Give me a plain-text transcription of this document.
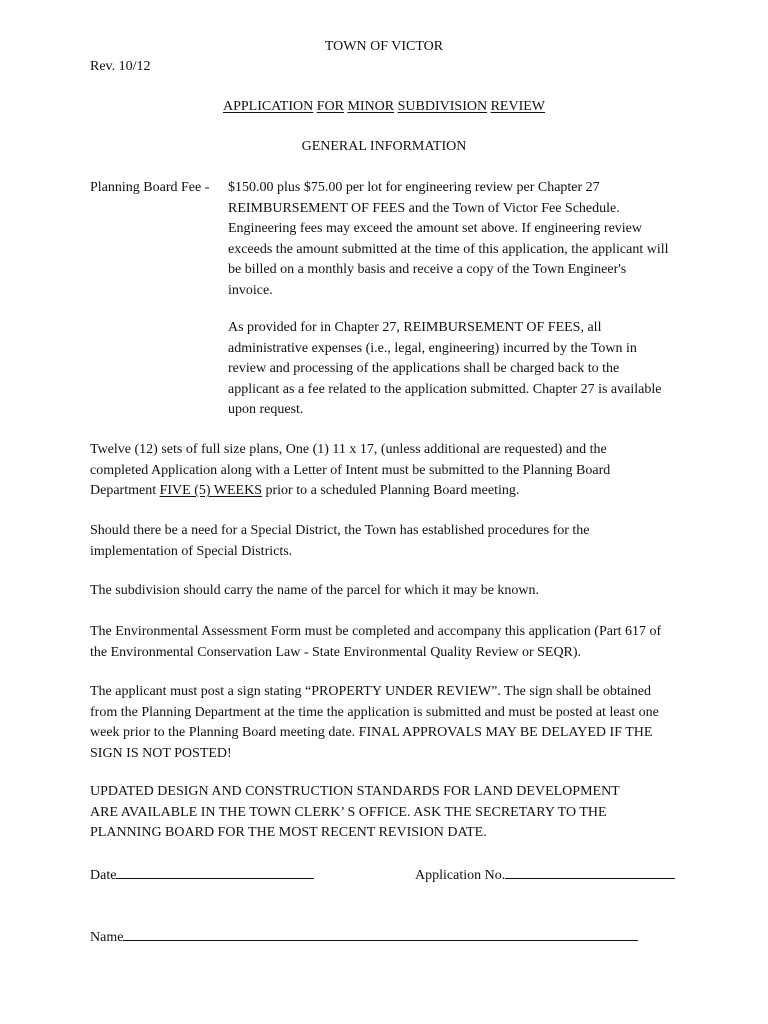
TOWN OF VICTOR
Rev. 10/12
APPLICATION FOR MINOR SUBDIVISION REVIEW
GENERAL INFORMATION
Planning Board Fee - $150.00 plus $75.00 per lot for engineering review per Chapter 27
REIMBURSEMENT OF FEES and the Town of Victor Fee Schedule.
Engineering fees may exceed the amount set above. If engineering review
exceeds the amount submitted at the time of this application, the applicant will
be billed on a monthly basis and receive a copy of the Town Engineer's
invoice.
As provided for in Chapter 27, REIMBURSEMENT OF FEES, all
administrative expenses (i.e., legal, engineering) incurred by the Town in
review and processing of the applications shall be charged back to the
applicant as a fee related to the application submitted. Chapter 27 is available
upon request.
Twelve (12) sets of full size plans, One (1) 11 x 17, (unless additional are requested) and the
completed Application along with a Letter of Intent must be submitted to the Planning Board
Department FIVE (5) WEEKS prior to a scheduled Planning Board meeting.
Should there be a need for a Special District, the Town has established procedures for the
implementation of Special Districts.
The subdivision should carry the name of the parcel for which it may be known.
The Environmental Assessment Form must be completed and accompany this application (Part 617 of
the Environmental Conservation Law - State Environmental Quality Review or SEQR).
The applicant must post a sign stating “PROPERTY UNDER REVIEW”. The sign shall be obtained
from the Planning Department at the time the application is submitted and must be posted at least one
week prior to the Planning Board meeting date. FINAL APPROVALS MAY BE DELAYED IF THE
SIGN IS NOT POSTED!
UPDATED DESIGN AND CONSTRUCTION STANDARDS FOR LAND DEVELOPMENT
ARE AVAILABLE IN THE TOWN CLERK’ S OFFICE. ASK THE SECRETARY TO THE
PLANNING BOARD FOR THE MOST RECENT REVISION DATE.
Date	Application No.
Name
